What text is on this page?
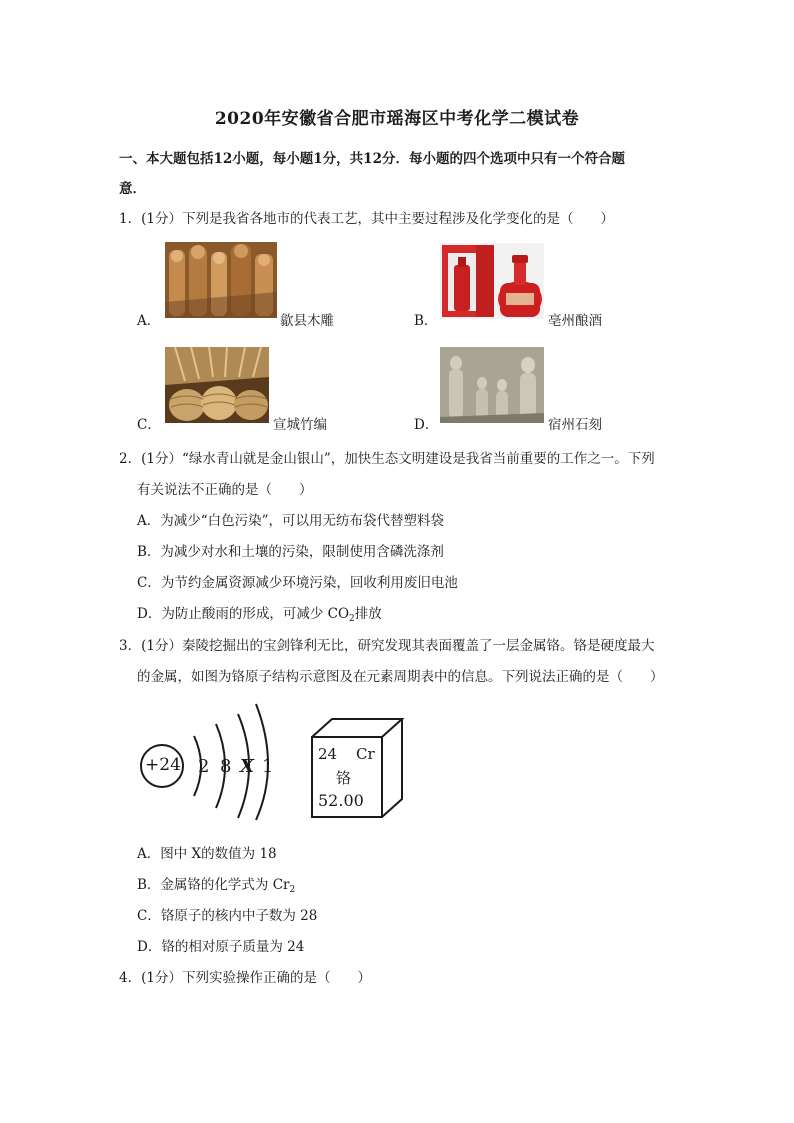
2020年安徽省合肥市瑶海区中考化学二模试卷
一、本大题包括12小题，每小题1分，共12分．每小题的四个选项中只有一个符合题
意．
1．(1分）下列是我省各地市的代表工艺，其中主要过程涉及化学变化的是（　　）
A．	歙县木雕	B．	亳州酿酒
C．	宣城竹编	D．	宿州石刻
2．(1分）“绿水青山就是金山银山”，加快生态文明建设是我省当前重要的工作之一。下列
有关说法不正确的是（　　）
A．为减少“白色污染”，可以用无纺布袋代替塑料袋
B．为减少对水和土壤的污染，限制使用含磷洗涤剂
C．为节约金属资源减少环境污染，回收利用废旧电池
D．为防止酸雨的形成，可减少 $CO_2$排放
3．(1分）秦陵挖掘出的宝剑锋利无比，研究发现其表面覆盖了一层金属铬。铬是硬度最大
的金属，如图为铬原子结构示意图及在元素周期表中的信息。下列说法正确的是（　　）
+24 2 8 X 1
24 Cr
铬
52.00
A．图中 X的数值为 18
B．金属铬的化学式为 $Cr_2$
C．铬原子的核内中子数为 28
D．铬的相对原子质量为 24
4．(1分）下列实验操作正确的是（　　）
